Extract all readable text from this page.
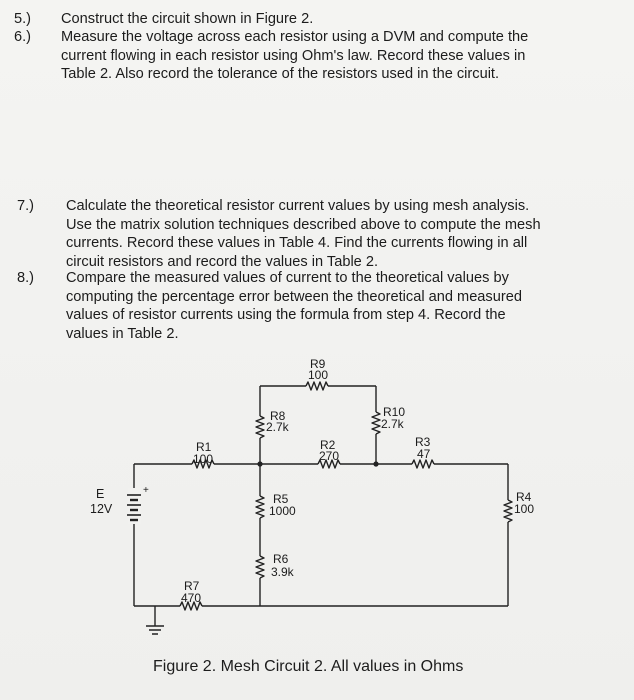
5.)
6.)
7.)
8.)
Construct the circuit shown in Figure 2.
Measure the voltage across each resistor using a DVM and compute the
current flowing in each resistor using Ohm's law. Record these values in
Table 2. Also record the tolerance of the resistors used in the circuit.
Calculate the theoretical resistor current values by using mesh analysis.
Use the matrix solution techniques described above to compute the mesh
currents. Record these values in Table 4. Find the currents flowing in all
circuit resistors and record the values in Table 2.
Compare the measured values of current to the theoretical values by
computing the percentage error between the theoretical and measured
values of resistor currents using the formula from step 4. Record the
values in Table 2.
+
E
12V
R1
100
R2
270
R3
47
R4
100
R5
1000
R6
3.9k
R7
470
R8
2.7k
R9
100
R10
2.7k
Figure 2. Mesh Circuit 2. All values in Ohms
